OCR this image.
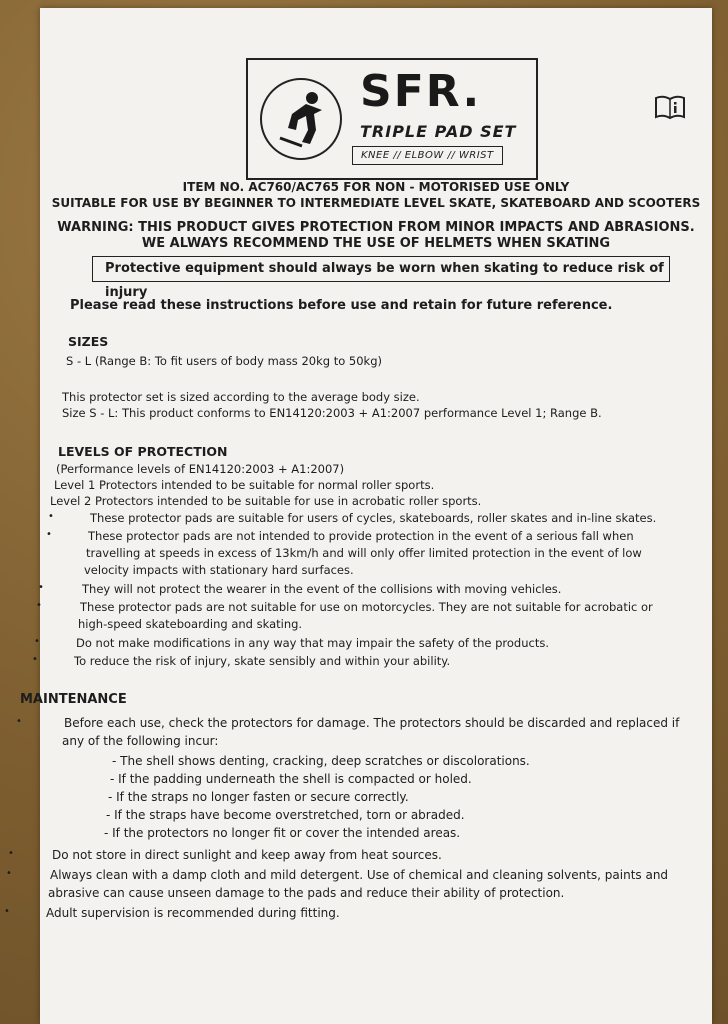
SFR.
TRIPLE PAD SET
KNEE // ELBOW // WRIST
ITEM NO. AC760/AC765 FOR NON - MOTORISED USE ONLY
SUITABLE FOR USE BY BEGINNER TO INTERMEDIATE LEVEL SKATE, SKATEBOARD AND SCOOTERS
WARNING: THIS PRODUCT GIVES PROTECTION FROM MINOR IMPACTS AND ABRASIONS.
WE ALWAYS RECOMMEND THE USE OF HELMETS WHEN SKATING
Protective equipment should always be worn when skating to reduce risk of injury
Please read these instructions before use and retain for future reference.
SIZES
S - L (Range B: To fit users of body mass 20kg to 50kg)
This protector set is sized according to the average body size.
Size S - L: This product conforms to EN14120:2003 + A1:2007 performance Level 1; Range B.
LEVELS OF PROTECTION
(Performance levels of EN14120:2003 + A1:2007)
Level 1 Protectors intended to be suitable for normal roller sports.
Level 2 Protectors intended to be suitable for use in acrobatic roller sports.
•	These protector pads are suitable for users of cycles, skateboards, roller skates and in-line skates.
•	These protector pads are not intended to provide protection in the event of a serious fall when
travelling at speeds in excess of 13km/h and will only offer limited protection in the event of low
velocity impacts with stationary hard surfaces.
•	They will not protect the wearer in the event of the collisions with moving vehicles.
•	These protector pads are not suitable for use on motorcycles. They are not suitable for acrobatic or
high-speed skateboarding and skating.
•	Do not make modifications in any way that may impair the safety of the products.
•	To reduce the risk of injury, skate sensibly and within your ability.
MAINTENANCE
•	Before each use, check the protectors for damage. The protectors should be discarded and replaced if
any of the following incur:
- The shell shows denting, cracking, deep scratches or discolorations.
- If the padding underneath the shell is compacted or holed.
- If the straps no longer fasten or secure correctly.
- If the straps have become overstretched, torn or abraded.
- If the protectors no longer fit or cover the intended areas.
•	Do not store in direct sunlight and keep away from heat sources.
•	Always clean with a damp cloth and mild detergent. Use of chemical and cleaning solvents, paints and
abrasive can cause unseen damage to the pads and reduce their ability of protection.
•	Adult supervision is recommended during fitting.
